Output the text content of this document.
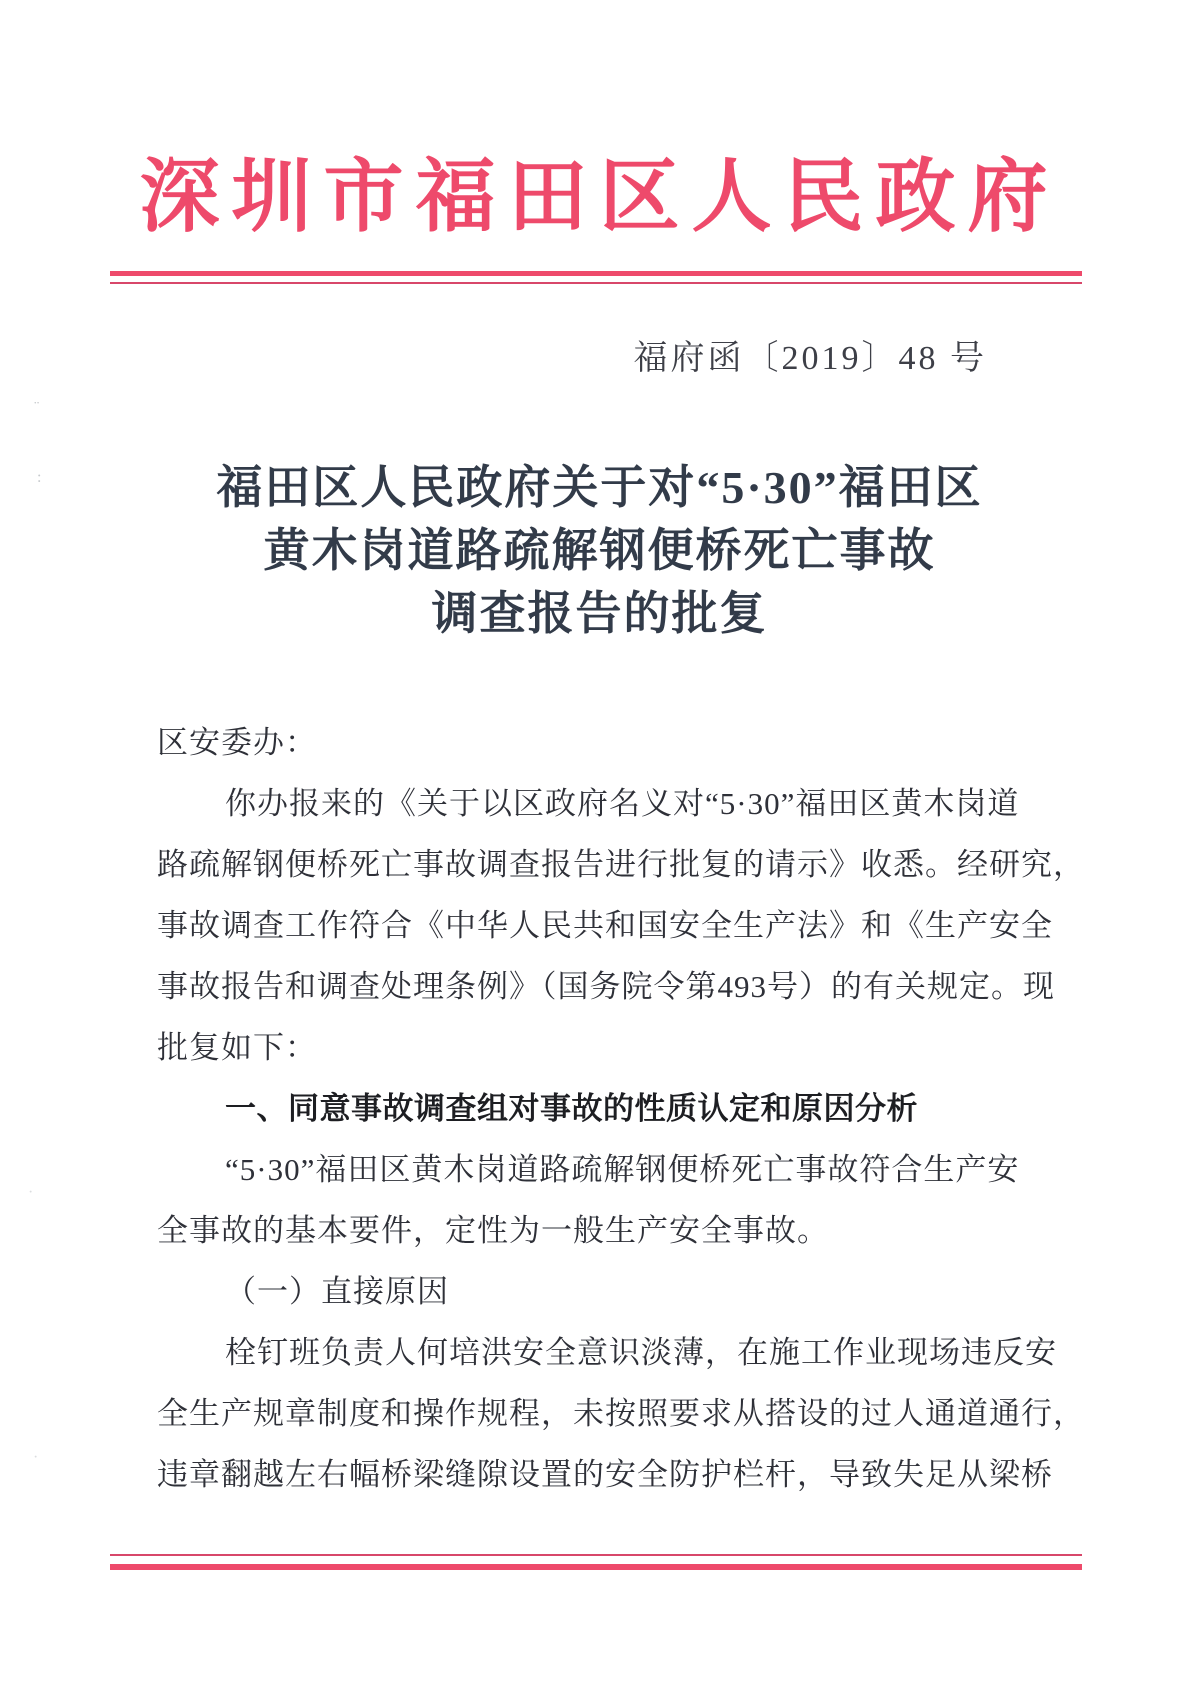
深圳市福田区人民政府
福府函〔2019〕48 号
福田区人民政府关于对“5·30”福田区
黄木岗道路疏解钢便桥死亡事故
调查报告的批复
区安委办：
你办报来的《关于以区政府名义对“5·30”福田区黄木岗道
路疏解钢便桥死亡事故调查报告进行批复的请示》收悉。经研究，
事故调查工作符合《中华人民共和国安全生产法》和《生产安全
事故报告和调查处理条例》（国务院令第493号）的有关规定。现
批复如下：
一、同意事故调查组对事故的性质认定和原因分析
“5·30”福田区黄木岗道路疏解钢便桥死亡事故符合生产安
全事故的基本要件，定性为一般生产安全事故。
（一）直接原因
栓钉班负责人何培洪安全意识淡薄，在施工作业现场违反安
全生产规章制度和操作规程，未按照要求从搭设的过人通道通行，
违章翻越左右幅桥梁缝隙设置的安全防护栏杆，导致失足从梁桥
¨
:
·
·
